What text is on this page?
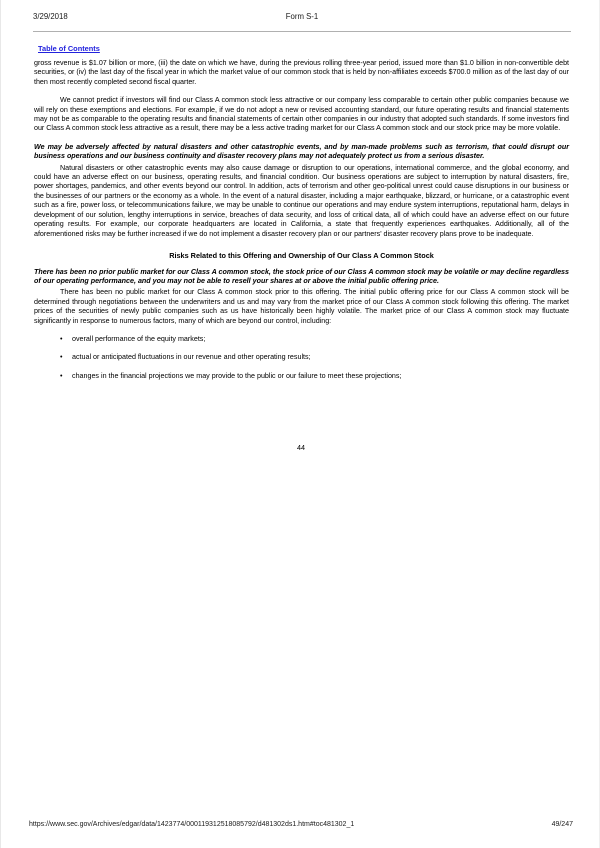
3/29/2018	Form S-1
Table of Contents

gross revenue is $1.07 billion or more, (iii) the date on which we have, during the previous rolling three-year period, issued more than $1.0 billion in non-convertible debt securities, or (iv) the last day of the fiscal year in which the market value of our common stock that is held by non-affiliates exceeds $700.0 million as of the last day of our then most recently completed second fiscal quarter.

We cannot predict if investors will find our Class A common stock less attractive or our company less comparable to certain other public companies because we will rely on these exemptions and elections. For example, if we do not adopt a new or revised accounting standard, our future operating results and financial statements may not be as comparable to the operating results and financial statements of certain other companies in our industry that adopted such standards. If some investors find our Class A common stock less attractive as a result, there may be a less active trading market for our Class A common stock and our stock price may be more volatile.

We may be adversely affected by natural disasters and other catastrophic events, and by man-made problems such as terrorism, that could disrupt our business operations and our business continuity and disaster recovery plans may not adequately protect us from a serious disaster.

Natural disasters or other catastrophic events may also cause damage or disruption to our operations, international commerce, and the global economy, and could have an adverse effect on our business, operating results, and financial condition. Our business operations are subject to interruption by natural disasters, fire, power shortages, pandemics, and other events beyond our control. In addition, acts of terrorism and other geo-political unrest could cause disruptions in our business or the businesses of our partners or the economy as a whole. In the event of a natural disaster, including a major earthquake, blizzard, or hurricane, or a catastrophic event such as a fire, power loss, or telecommunications failure, we may be unable to continue our operations and may endure system interruptions, reputational harm, delays in development of our solution, lengthy interruptions in service, breaches of data security, and loss of critical data, all of which could have an adverse effect on our future operating results. For example, our corporate headquarters are located in California, a state that frequently experiences earthquakes. Additionally, all of the aforementioned risks may be further increased if we do not implement a disaster recovery plan or our partners' disaster recovery plans prove to be inadequate.

Risks Related to this Offering and Ownership of Our Class A Common Stock

There has been no prior public market for our Class A common stock, the stock price of our Class A common stock may be volatile or may decline regardless of our operating performance, and you may not be able to resell your shares at or above the initial public offering price.

There has been no public market for our Class A common stock prior to this offering. The initial public offering price for our Class A common stock will be determined through negotiations between the underwriters and us and may vary from the market price of our Class A common stock following this offering. The market prices of the securities of newly public companies such as us have historically been highly volatile. The market price of our Class A common stock may fluctuate significantly in response to numerous factors, many of which are beyond our control, including:

• overall performance of the equity markets;
• actual or anticipated fluctuations in our revenue and other operating results;
• changes in the financial projections we may provide to the public or our failure to meet these projections;
44
https://www.sec.gov/Archives/edgar/data/1423774/000119312518085792/d481302ds1.htm#toc481302_1	49/247
